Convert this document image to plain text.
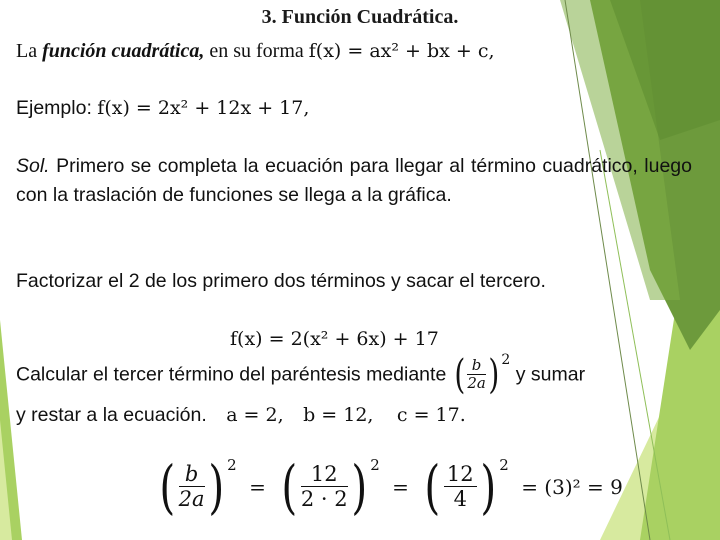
3. Función Cuadrática.
La función cuadrática, en su forma f(x) = ax² + bx + c,
Ejemplo: f(x) = 2x² + 12x + 17,
Sol. Primero se completa la ecuación para llegar al término cuadrático, luego con la traslación de funciones se llega a la gráfica.
Factorizar el 2 de los primero dos términos y sacar el tercero.
f(x) = 2(x² + 6x) + 17
Calcular el tercer término del paréntesis mediante ( $\frac{b}{2a}$ ) $^2$ y sumar
y restar a la ecuación. a = 2, b = 12, c = 17.
( $\frac{b}{2a}$ ) $^2$ = ( $\frac{12}{2 \cdot 2}$ ) $^2$ = ( $\frac{12}{4}$ ) $^2$ = (3)² = 9
